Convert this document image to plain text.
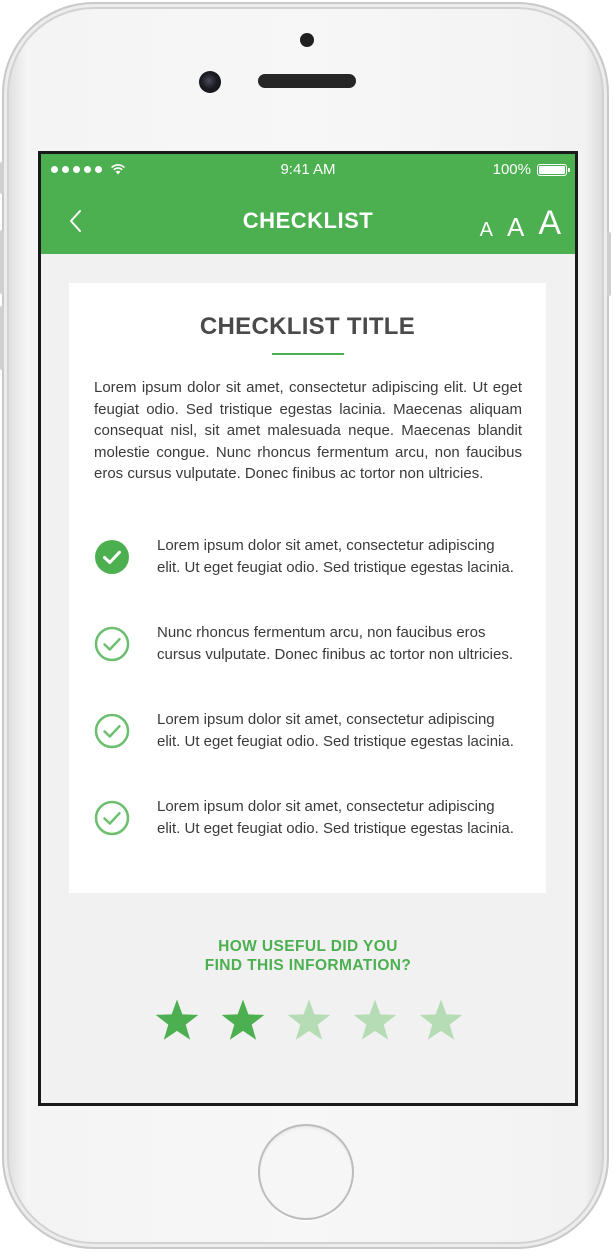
9:41 AM	100%
CHECKLIST	A A A
CHECKLIST TITLE

Lorem ipsum dolor sit amet, consectetur adipiscing elit. Ut eget feugiat odio. Sed tristique egestas lacinia. Maecenas aliquam consequat nisl, sit amet malesuada neque. Maecenas blandit molestie congue. Nunc rhoncus fermentum arcu, non faucibus eros cursus vulputate. Donec finibus ac tortor non ultricies.

Lorem ipsum dolor sit amet, consectetur adipiscing elit. Ut eget feugiat odio. Sed tristique egestas lacinia.
Nunc rhoncus fermentum arcu, non faucibus eros cursus vulputate. Donec finibus ac tortor non ultricies.
Lorem ipsum dolor sit amet, consectetur adipiscing elit. Ut eget feugiat odio. Sed tristique egestas lacinia.
Lorem ipsum dolor sit amet, consectetur adipiscing elit. Ut eget feugiat odio. Sed tristique egestas lacinia.
HOW USEFUL DID YOU
FIND THIS INFORMATION?
